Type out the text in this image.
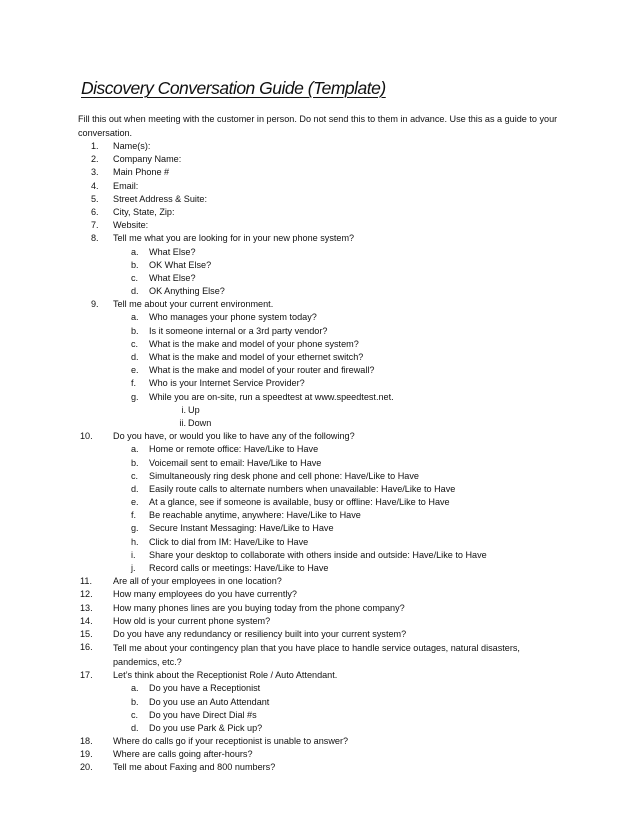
Discovery Conversation Guide (Template)

Fill this out when meeting with the customer in person. Do not send this to them in advance. Use this as a guide to your conversation.

1.	Name(s):
2.	Company Name:
3.	Main Phone #
4.	Email:
5.	Street Address & Suite:
6.	City, State, Zip:
7.	Website:
8.	Tell me what you are looking for in your new phone system?
a. What Else?
b. OK What Else?
c. What Else?
d. OK Anything Else?
9.	Tell me about your current environment.
a. Who manages your phone system today?
b. Is it someone internal or a 3rd party vendor?
c. What is the make and model of your phone system?
d. What is the make and model of your ethernet switch?
e. What is the make and model of your router and firewall?
f. Who is your Internet Service Provider?
g. While you are on-site, run a speedtest at www.speedtest.net.
i. Up
ii. Down
10.	Do you have, or would you like to have any of the following?
a. Home or remote office: Have/Like to Have
b. Voicemail sent to email: Have/Like to Have
c. Simultaneously ring desk phone and cell phone: Have/Like to Have
d. Easily route calls to alternate numbers when unavailable: Have/Like to Have
e. At a glance, see if someone is available, busy or offline: Have/Like to Have
f. Be reachable anytime, anywhere: Have/Like to Have
g. Secure Instant Messaging: Have/Like to Have
h. Click to dial from IM: Have/Like to Have
i. Share your desktop to collaborate with others inside and outside: Have/Like to Have
j. Record calls or meetings: Have/Like to Have
11.	Are all of your employees in one location?
12.	How many employees do you have currently?
13.	How many phones lines are you buying today from the phone company?
14.	How old is your current phone system?
15.	Do you have any redundancy or resiliency built into your current system?
16.	Tell me about your contingency plan that you have place to handle service outages, natural disasters, pandemics, etc.?
17.	Let’s think about the Receptionist Role / Auto Attendant.
a. Do you have a Receptionist
b. Do you use an Auto Attendant
c. Do you have Direct Dial #s
d. Do you use Park & Pick up?
18.	Where do calls go if your receptionist is unable to answer?
19.	Where are calls going after-hours?
20.	Tell me about Faxing and 800 numbers?
